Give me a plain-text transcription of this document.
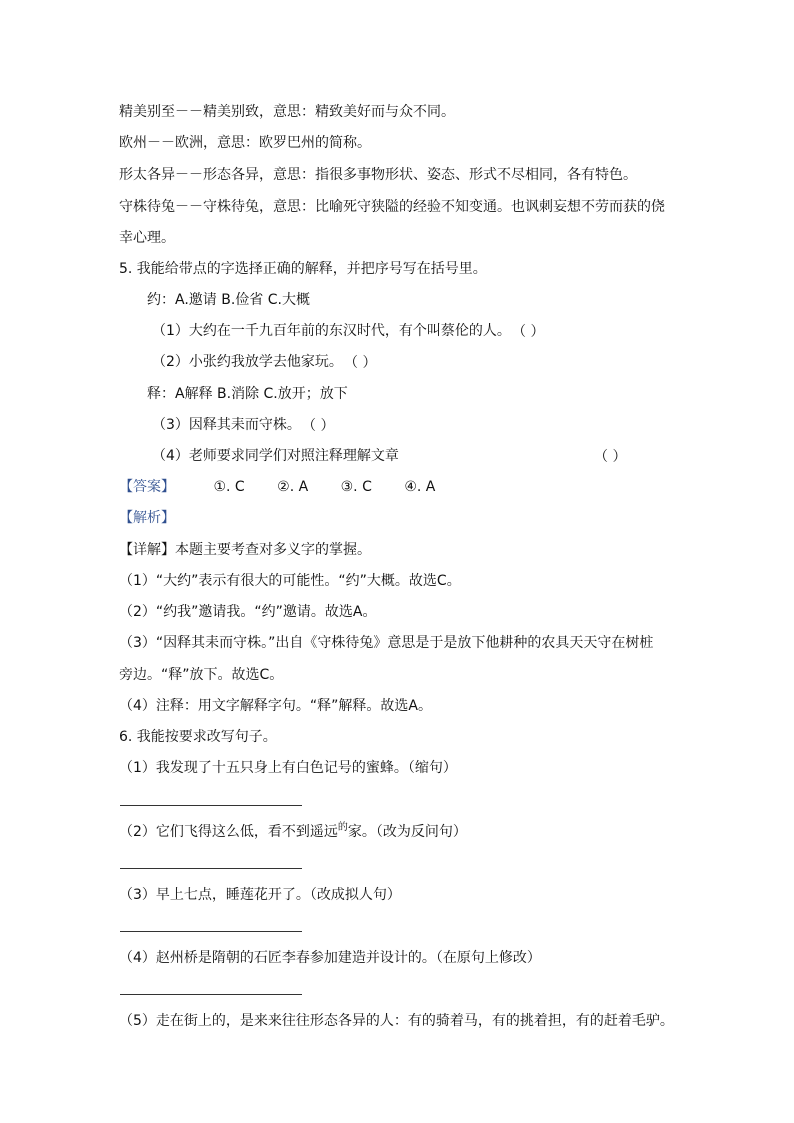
精美别至－－精美别致，意思：精致美好而与众不同。
欧州－－欧洲，意思：欧罗巴州的简称。
形太各异－－形态各异，意思：指很多事物形状、姿态、形式不尽相同，各有特色。
守株待兔－－守株待兔，意思：比喻死守狭隘的经验不知变通。也讽刺妄想不劳而获的侥
幸心理。
5. 我能给带点的字选择正确的解释，并把序号写在括号里。
约：A.邀请 B.俭省 C.大概
（1）大约在一千九百年前的东汉时代，有个叫蔡伦的人。 （ ）
（2）小张约我放学去他家玩。 （ ）
释：A解释 B.消除 C.放开；放下
（3）因释其耒而守株。 （ ）
（4）老师要求同学们对照注释理解文章	（ ）
【答案】	①. C ②. A ③. C ④. A
【解析】
【详解】本题主要考查对多义字的掌握。
（1）“大约”表示有很大的可能性。“约”大概。故选C。
（2）“约我”邀请我。“约”邀请。故选A。
（3）“因释其耒而守株。”出自《守株待兔》意思是于是放下他耕种的农具天天守在树桩
旁边。“释”放下。故选C。
（4）注释：用文字解释字句。“释”解释。故选A。
6. 我能按要求改写句子。
（1）我发现了十五只身上有白色记号的蜜蜂。（缩句）
（2）它们飞得这么低，看不到遥远$^的$家。（改为反问句）
（3）早上七点，睡莲花开了。（改成拟人句）
（4）赵州桥是隋朝的石匠李春参加建造并设计的。（在原句上修改）
（5）走在街上的，是来来往往形态各异的人：有的骑着马，有的挑着担，有的赶着毛驴。
